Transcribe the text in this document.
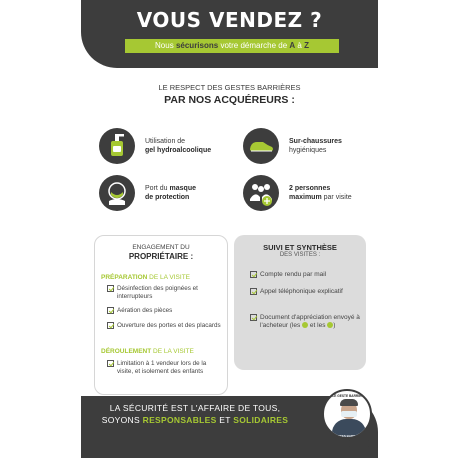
VOUS VENDEZ ?
Nous sécurisons votre démarche de A à Z
LE RESPECT DES GESTES BARRIÈRES
PAR NOS ACQUÉREURS :
Utilisation de
gel hydroalcoolique
Sur-chaussures
hygiéniques
Port du masque
de protection
2 personnes
maximum par visite
ENGAGEMENT DU
PROPRIÉTAIRE :
PRÉPARATION DE LA VISITE
Désinfection des poignées et interrupteurs
Aération des pièces
Ouverture des portes et des placards
DÉROULEMENT DE LA VISITE
Limitation à 1 vendeur lors de la visite, et isolement des enfants
SUIVI ET SYNTHÈSE
DES VISITES :
Compte rendu par mail
Appel téléphonique explicatif
Document d'appréciation envoyé à l'acheteur (les et les )
LA SÉCURITÉ EST L'AFFAIRE DE TOUS,
SOYONS RESPONSABLES ET SOLIDAIRES
LE GESTE BARRIÈRE
GESTES BARRIÈRES
